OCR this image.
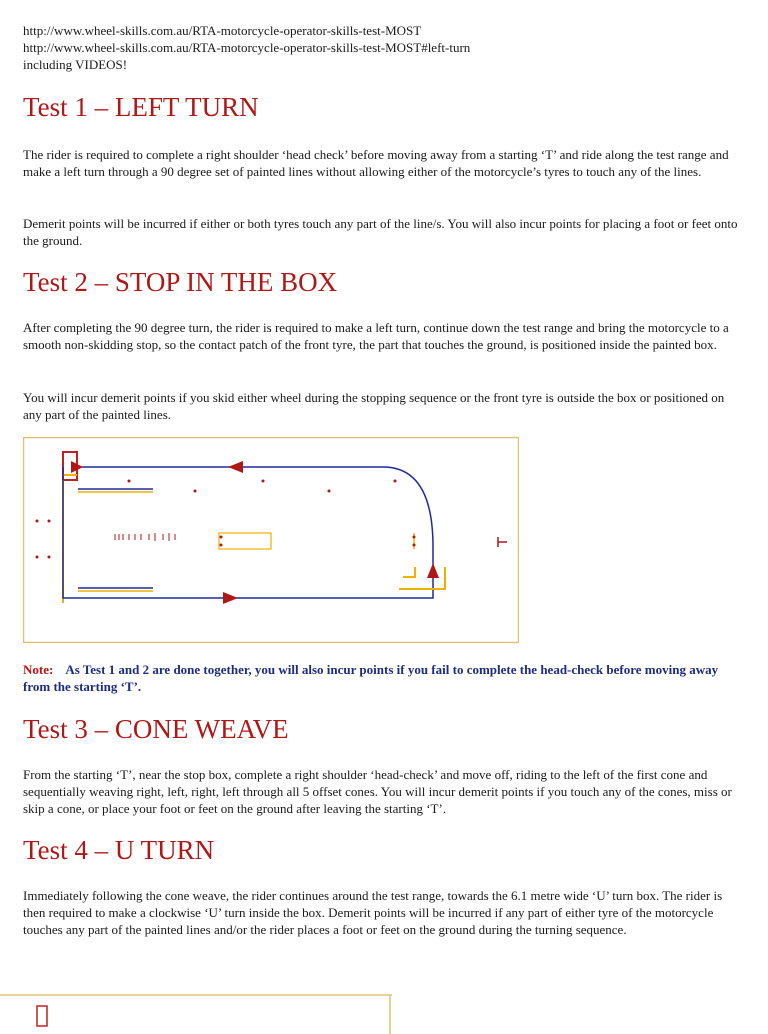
http://www.wheel-skills.com.au/RTA-motorcycle-operator-skills-test-MOST
http://www.wheel-skills.com.au/RTA-motorcycle-operator-skills-test-MOST#left-turn
including VIDEOS!
Test 1 – LEFT TURN

The rider is required to complete a right shoulder ‘head check’ before moving away from a starting ‘T’ and ride along the test range and make a left turn through a 90 degree set of painted lines without allowing either of the motorcycle’s tyres to touch any of the lines.

Demerit points will be incurred if either or both tyres touch any part of the line/s. You will also incur points for placing a foot or feet onto the ground.

Test 2 – STOP IN THE BOX

After completing the 90 degree turn, the rider is required to make a left turn, continue down the test range and bring the motorcycle to a smooth non-skidding stop, so the contact patch of the front tyre, the part that touches the ground, is positioned inside the painted box.

You will incur demerit points if you skid either wheel during the stopping sequence or the front tyre is outside the box or positioned on any part of the painted lines.

Note: As Test 1 and 2 are done together, you will also incur points if you fail to complete the head-check before moving away from the starting ‘T’.

Test 3 – CONE WEAVE

From the starting ‘T’, near the stop box, complete a right shoulder ‘head-check’ and move off, riding to the left of the first cone and sequentially weaving right, left, right, left through all 5 offset cones. You will incur demerit points if you touch any of the cones, miss or skip a cone, or place your foot or feet on the ground after leaving the starting ‘T’.

Test 4 – U TURN

Immediately following the cone weave, the rider continues around the test range, towards the 6.1 metre wide ‘U’ turn box. The rider is then required to make a clockwise ‘U’ turn inside the box. Demerit points will be incurred if any part of either tyre of the motorcycle touches any part of the painted lines and/or the rider places a foot or feet on the ground during the turning sequence.
